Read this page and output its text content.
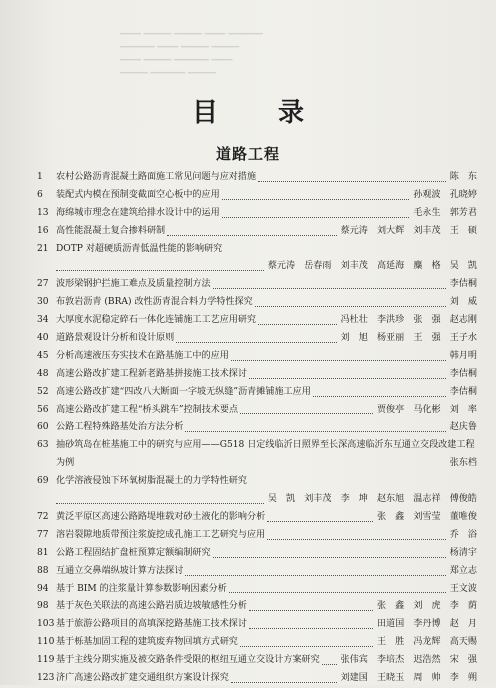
▁▁▁ ▁▁▁▁ ▁▁▁▁ ▁▁▁ ▁▁▁▁▁
▁▁▁▁▁ ▁▁▁ ▁▁▁▁ ▁▁▁▁
▁▁▁ ▁▁▁▁ ▁▁▁▁▁ ▁▁▁
▁▁▁▁ ▁▁▁▁▁ ▁▁▁▁
目录
道路工程
1 农村公路沥青混凝土路面施工常见问题与应对措施	陈　东
6 装配式内模在预制变截面空心板中的应用	孙观波　孔晓婷
13 海绵城市理念在建筑给排水设计中的运用	毛永生　郭芳君
16 高性能混凝土复合掺料研制	蔡元涛　刘大辉　刘丰茂　王　硕
21 DOTP 对超硬质沥青低温性能的影响研究
蔡元涛　岳春雨　刘丰茂　高延海　麋　格　吴　凯
27 波形梁钢护拦施工难点及质量控制方法	李佶桐
30 布敦岩沥青 (BRA) 改性沥青混合料力学特性探究	刘　威
34 大厚度水泥稳定碎石一体化连铺施工工艺应用研究	冯杜壮　李洪珍　张　强　赵志刚
40 道路景观设计分析和设计原则	刘　旭　杨亚丽　王　强　王子水
45 分析高速液压夯实技术在路基施工中的应用	韩月明
48 高速公路改扩建工程新老路基拼接施工技术探讨	李佶桐
52 高速公路改扩建“四改八大断面一字坡无纵缝”沥青摊铺施工应用	李佶桐
56 高速公路改扩建工程“桥头跳车”控制技术要点	贾俊亭　马化彬　刘　率
60 公路工程特殊路基处治方法分析	赵庆鲁
63 抽砂筑岛在桩基施工中的研究与应用——G518 日定线临沂日照界至长深高速临沂东互通立交段改建工程为例	张东档
69 化学溶液侵蚀下环氧树脂混凝土的力学特性研究
吴　凯　刘丰茂　李　坤　赵东旭　温志祥　傅俊皓
72 黄泛平原区高速公路路堤堆载对砂土液化的影响分析	张　鑫　刘雪莹　董唯俊
77 溶岩裂隙地质带预注浆旋挖成孔施工工艺研究与应用	乔　浴
81 公路工程固结扩盘桩预算定额编制研究	杨清宇
88 互通立交鼻端纵坡计算方法探讨	郑立志
94 基于 BIM 的注浆量计算参数影响因素分析	王文波
98 基于灰色关联法的高速公路岩质边坡敏感性分析	张　鑫　刘　虎　李　荫
103 基于旅游公路项目的高填深挖路基施工技术探讨	田道国　李丹博　赵　月
110 基于栎基加固工程的建筑废弃物回填方式研究	王　胜　冯龙辉　高天赐
119 基于主线分期实施及被交路条件受限的枢纽互通立交设计方案研究 张伟宾　李培杰　迟浩然　宋　强
123 济广高速公路改扩建交通组织方案设计探究	刘建国　王晓玉　周　帅　李　朔
